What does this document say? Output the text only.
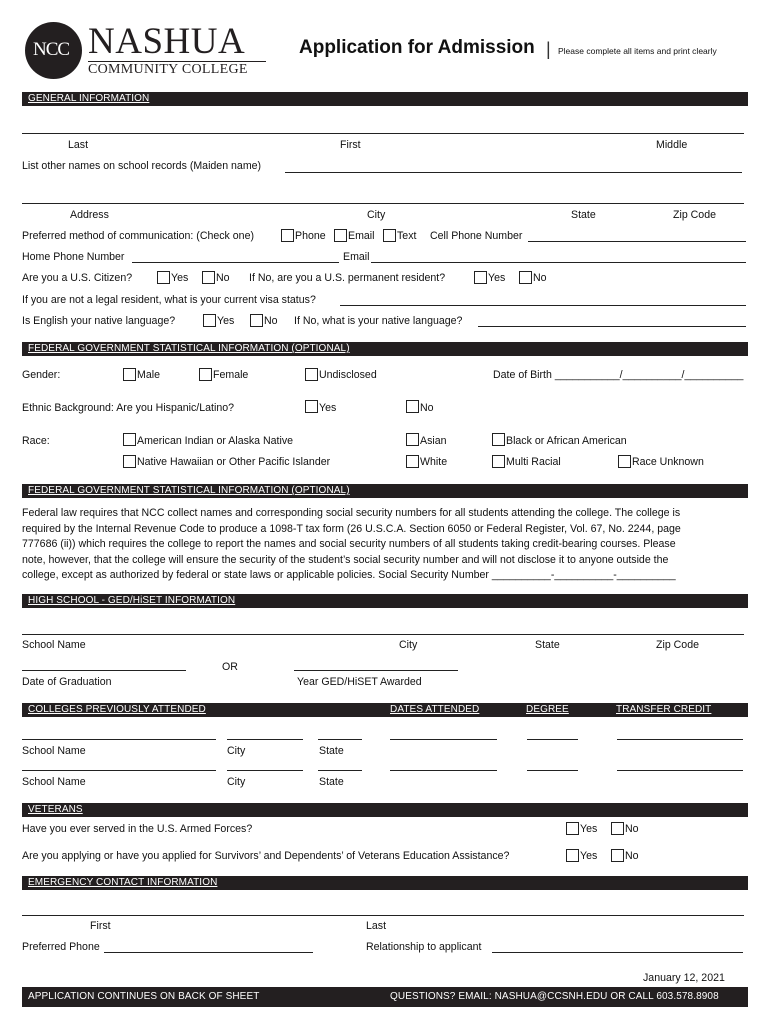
NCC NASHUA
COMMUNITY COLLEGE
Application for Admission | Please complete all items and print clearly
GENERAL INFORMATION
Last	First	Middle
List other names on school records (Maiden name)
Address	City	State	Zip Code
Preferred method of communication: (Check one)	Phone Email Text Cell Phone Number
Home Phone Number	Email
Are you a U.S. Citizen?	Yes	No If No, are you a U.S. permanent resident?	Yes	No
If you are not a legal resident, what is your current visa status?
Is English your native language?	Yes	No If No, what is your native language?
FEDERAL GOVERNMENT STATISTICAL INFORMATION (OPTIONAL)
Gender:	Male	Female	Undisclosed	Date of Birth ___________/__________/__________
Ethnic Background: Are you Hispanic/Latino?	Yes	No
Race:	American Indian or Alaska Native	Asian	Black or African American
Native Hawaiian or Other Pacific Islander	White	Multi Racial	Race Unknown
FEDERAL GOVERNMENT STATISTICAL INFORMATION (OPTIONAL)
Federal law requires that NCC collect names and corresponding social security numbers for all students attending the college. The college is
required by the Internal Revenue Code to produce a 1098-T tax form (26 U.S.C.A. Section 6050 or Federal Register, Vol. 67, No. 2244, page
777686 (ii)) which requires the college to report the names and social security numbers of all students taking credit-bearing courses. Please
note, however, that the college will ensure the security of the student’s social security number and will not disclose it to anyone outside the
college, except as authorized by federal or state laws or applicable policies. Social Security Number __________-__________-__________
HIGH SCHOOL - GED/HiSET INFORMATION
School Name	City	State	Zip Code
OR
Date of Graduation	Year GED/HiSET Awarded
COLLEGES PREVIOUSLY ATTENDED	DATES ATTENDED	DEGREE	TRANSFER CREDIT
School Name	City	State
School Name	City	State
VETERANS
Have you ever served in the U.S. Armed Forces?	Yes	No
Are you applying or have you applied for Survivors’ and Dependents’ of Veterans Education Assistance?	Yes	No
EMERGENCY CONTACT INFORMATION
First	Last
Preferred Phone	Relationship to applicant
January 12, 2021
APPLICATION CONTINUES ON BACK OF SHEET	QUESTIONS? EMAIL: NASHUA@CCSNH.EDU OR CALL 603.578.8908
